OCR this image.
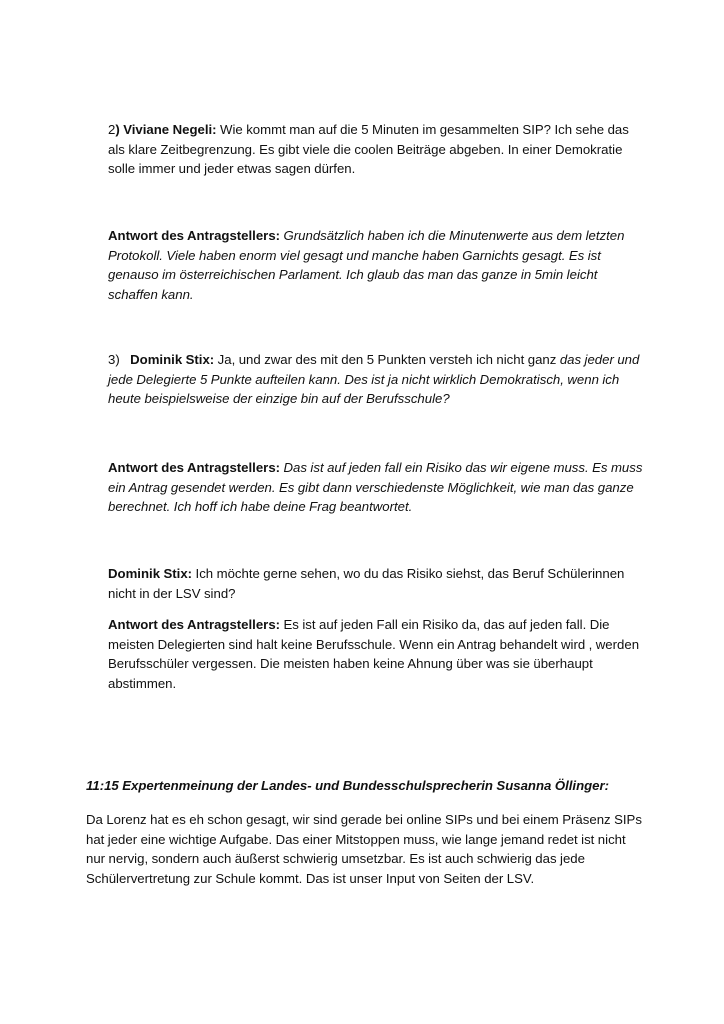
2) Viviane Negeli: Wie kommt man auf die 5 Minuten im gesammelten SIP? Ich sehe das als klare Zeitbegrenzung. Es gibt viele die coolen Beiträge abgeben. In einer Demokratie solle immer und jeder etwas sagen dürfen.

Antwort des Antragstellers: Grundsätzlich haben ich die Minutenwerte aus dem letzten Protokoll. Viele haben enorm viel gesagt und manche haben Garnichts gesagt. Es ist genauso im österreichischen Parlament. Ich glaub das man das ganze in 5min leicht schaffen kann.

3)   Dominik Stix: Ja, und zwar des mit den 5 Punkten versteh ich nicht ganz das jeder und jede Delegierte 5 Punkte aufteilen kann. Des ist ja nicht wirklich Demokratisch, wenn ich heute beispielsweise der einzige bin auf der Berufsschule?

Antwort des Antragstellers: Das ist auf jeden fall ein Risiko das wir eigene muss. Es muss ein Antrag gesendet werden. Es gibt dann verschiedenste Möglichkeit, wie man das ganze berechnet. Ich hoff ich habe deine Frag beantwortet.

Dominik Stix: Ich möchte gerne sehen, wo du das Risiko siehst, das Beruf Schülerinnen nicht in der LSV sind?

Antwort des Antragstellers: Es ist auf jeden Fall ein Risiko da, das auf jeden fall. Die meisten Delegierten sind halt keine Berufsschule. Wenn ein Antrag behandelt wird , werden Berufsschüler vergessen. Die meisten haben keine Ahnung über was sie überhaupt abstimmen.

11:15 Expertenmeinung der Landes- und Bundesschulsprecherin Susanna Öllinger:

Da Lorenz hat es eh schon gesagt, wir sind gerade bei online SIPs und bei einem Präsenz SIPs hat jeder eine wichtige Aufgabe. Das einer Mitstoppen muss, wie lange jemand redet ist nicht nur nervig, sondern auch äußerst schwierig umsetzbar. Es ist auch schwierig das jede Schülervertretung zur Schule kommt. Das ist unser Input von Seiten der LSV.
